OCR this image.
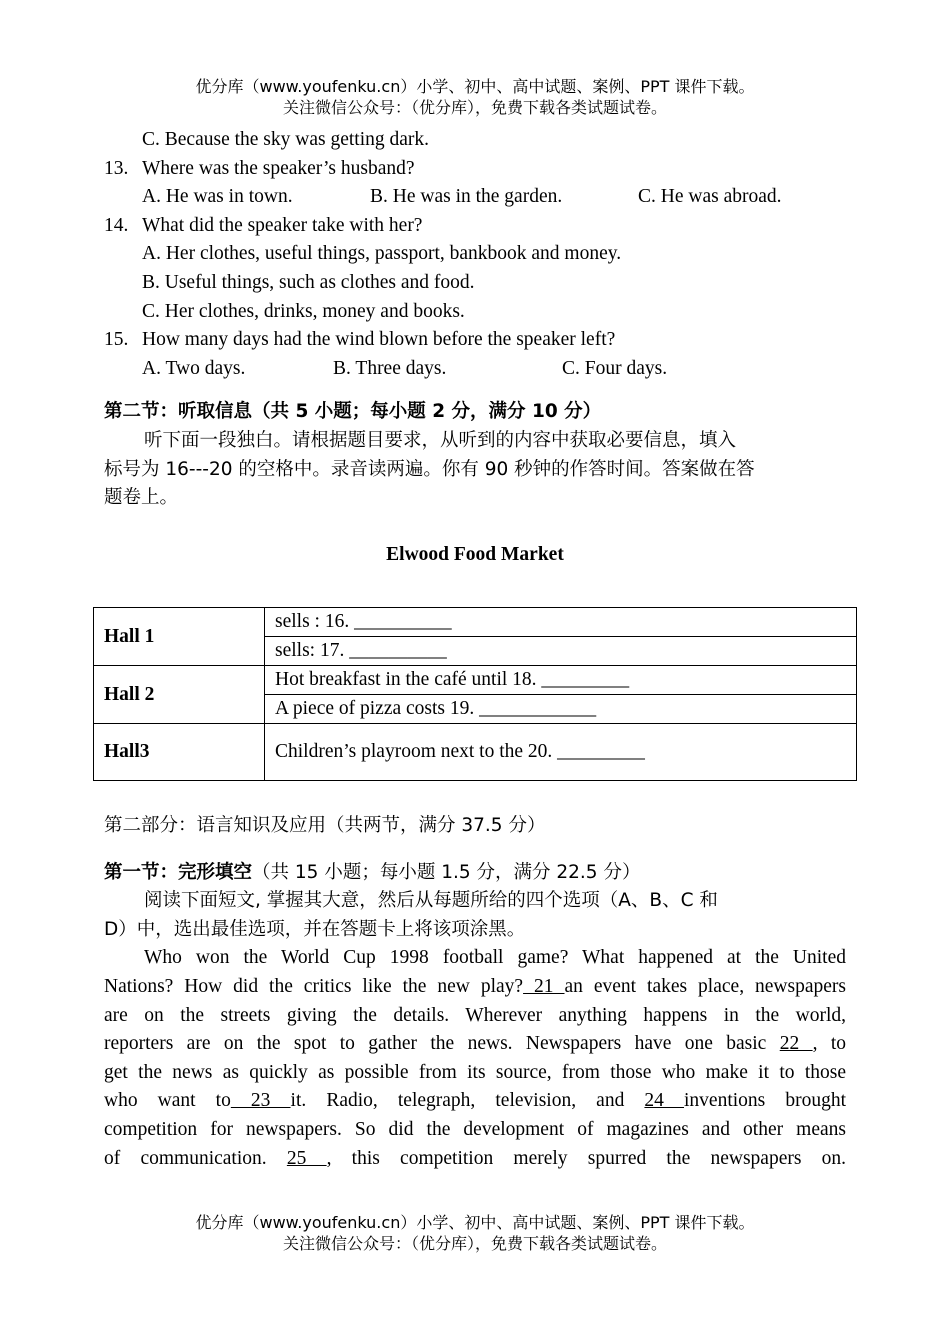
优分库（www.youfenku.cn）小学、初中、高中试题、案例、PPT 课件下载。
关注微信公众号：（优分库），免费下载各类试题试卷。
C. Because the sky was getting dark.
13. Where was the speaker’s husband?
A. He was in town.	B. He was in the garden.	C. He was abroad.
14. What did the speaker take with her?
A. Her clothes, useful things, passport, bankbook and money.
B. Useful things, such as clothes and food.
C. Her clothes, drinks, money and books.
15. How many days had the wind blown before the speaker left?
A. Two days.	B. Three days.	C. Four days.
第二节：听取信息（共 5 小题；每小题 2 分，满分 10 分）
听下面一段独白。请根据题目要求，从听到的内容中获取必要信息，填入
标号为 16---20 的空格中。录音读两遍。你有 90 秒钟的作答时间。答案做在答
题卷上。
Elwood Food Market
Hall 1	sells : 16. __________
	sells: 17. __________
Hall 2	Hot breakfast in the café until 18. _________
	A piece of pizza costs 19. ____________
Hall3	Children’s playroom next to the 20. _________
第二部分：语言知识及应用（共两节，满分 37.5 分）
第一节：完形填空（共 15 小题；每小题 1.5 分，满分 22.5 分）
阅读下面短文, 掌握其大意，然后从每题所给的四个选项（A、B、C 和
D）中，选出最佳选项，并在答题卡上将该项涂黑。
Who won the World Cup 1998 football game? What happened at the United
Nations? How did the critics like the new play? 21 an event takes place, newspapers
are on the streets giving the details. Wherever anything happens in the world,
reporters are on the spot to gather the news. Newspapers have one basic 22 , to
get the news as quickly as possible from its source, from those who make it to those
who want to 23 it. Radio, telegraph, television, and 24 inventions brought
competition for newspapers. So did the development of magazines and other means
of communication. 25 , this competition merely spurred the newspapers on.
优分库（www.youfenku.cn）小学、初中、高中试题、案例、PPT 课件下载。
关注微信公众号：（优分库），免费下载各类试题试卷。
